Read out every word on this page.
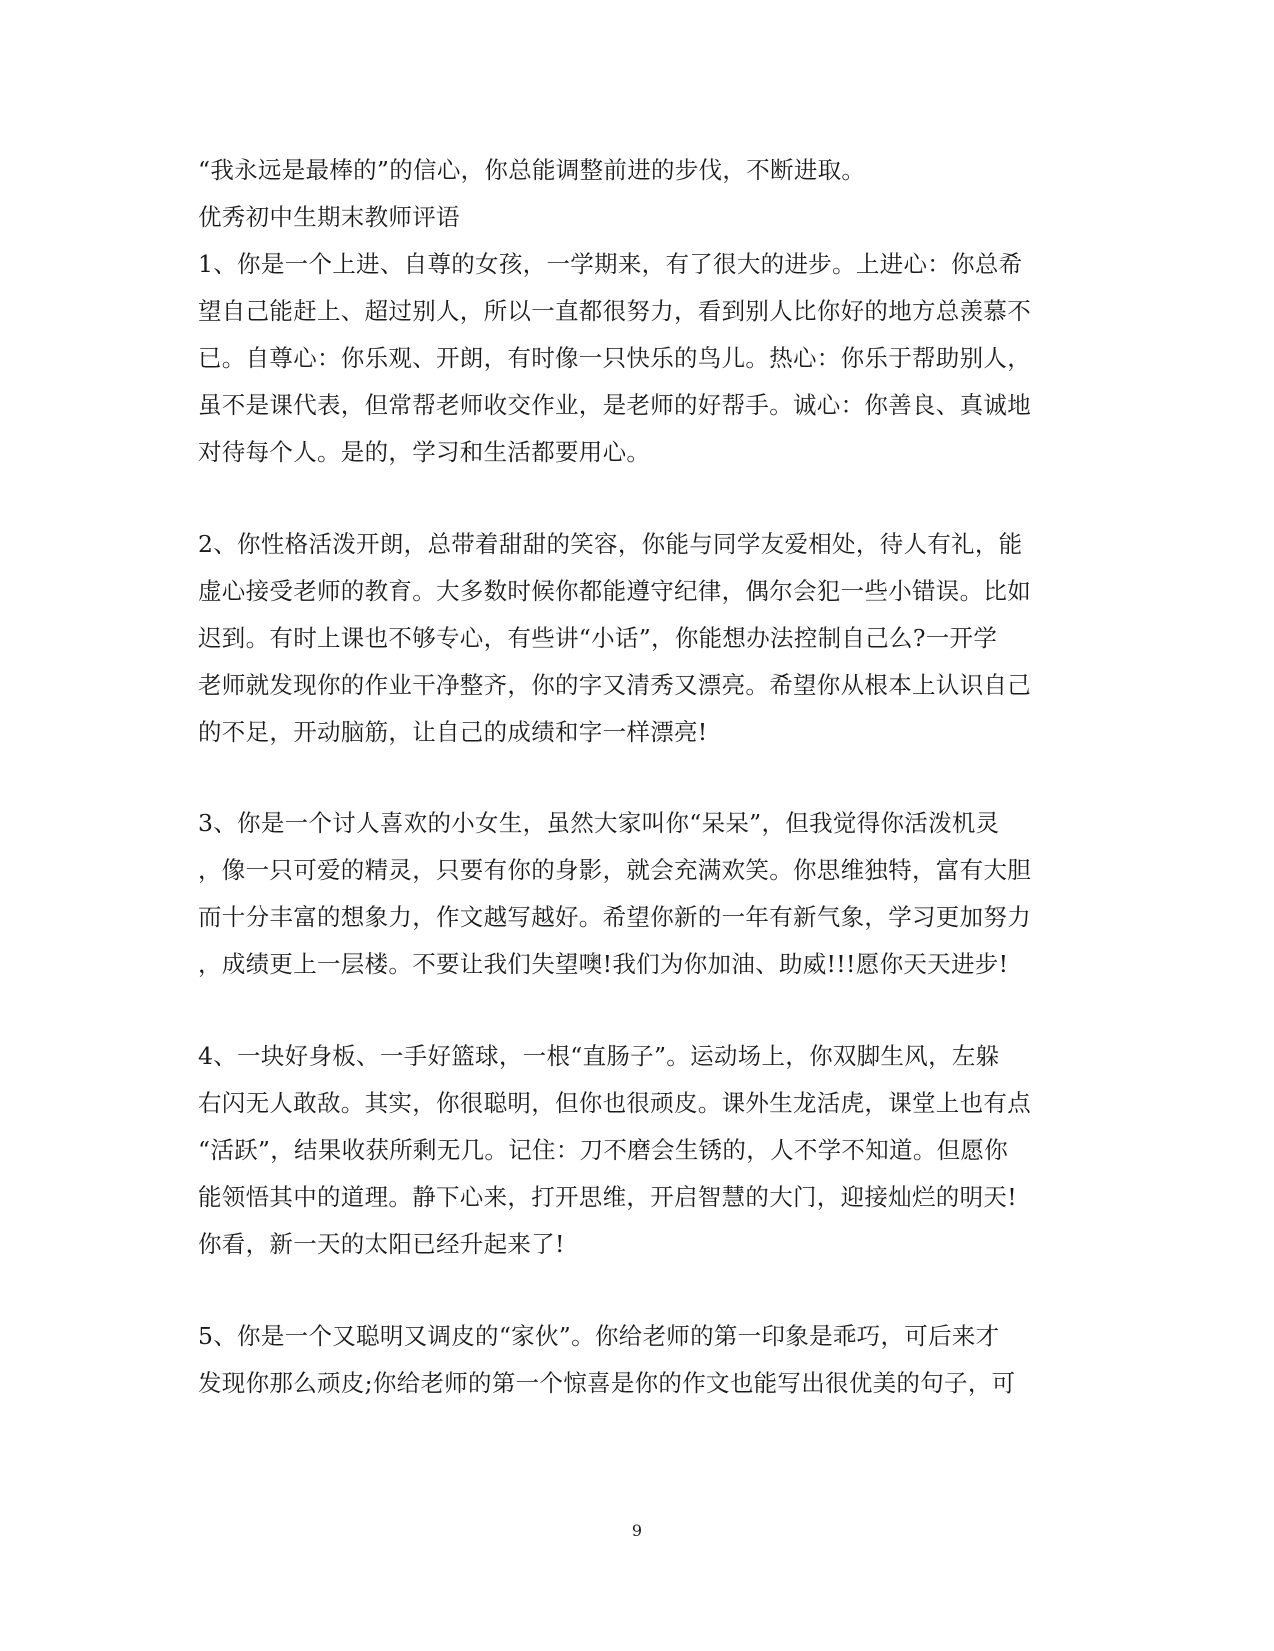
“我永远是最棒的”的信心，你总能调整前进的步伐，不断进取。
优秀初中生期末教师评语
1、你是一个上进、自尊的女孩，一学期来，有了很大的进步。上进心：你总希
望自己能赶上、超过别人，所以一直都很努力，看到别人比你好的地方总羡慕不
已。自尊心：你乐观、开朗，有时像一只快乐的鸟儿。热心：你乐于帮助别人，
虽不是课代表，但常帮老师收交作业，是老师的好帮手。诚心：你善良、真诚地
对待每个人。是的，学习和生活都要用心。
2、你性格活泼开朗，总带着甜甜的笑容，你能与同学友爱相处，待人有礼，能
虚心接受老师的教育。大多数时候你都能遵守纪律，偶尔会犯一些小错误。比如
迟到。有时上课也不够专心，有些讲“小话”，你能想办法控制自己么?一开学
老师就发现你的作业干净整齐，你的字又清秀又漂亮。希望你从根本上认识自己
的不足，开动脑筋，让自己的成绩和字一样漂亮!
3、你是一个讨人喜欢的小女生，虽然大家叫你“呆呆”，但我觉得你活泼机灵
，像一只可爱的精灵，只要有你的身影，就会充满欢笑。你思维独特，富有大胆
而十分丰富的想象力，作文越写越好。希望你新的一年有新气象，学习更加努力
，成绩更上一层楼。不要让我们失望噢!我们为你加油、助威!!!愿你天天进步!
4、一块好身板、一手好篮球，一根“直肠子”。运动场上，你双脚生风，左躲
右闪无人敢敌。其实，你很聪明，但你也很顽皮。课外生龙活虎，课堂上也有点
“活跃”，结果收获所剩无几。记住：刀不磨会生锈的，人不学不知道。但愿你
能领悟其中的道理。静下心来，打开思维，开启智慧的大门，迎接灿烂的明天!
你看，新一天的太阳已经升起来了!
5、你是一个又聪明又调皮的“家伙”。你给老师的第一印象是乖巧，可后来才
发现你那么顽皮;你给老师的第一个惊喜是你的作文也能写出很优美的句子，可
9
